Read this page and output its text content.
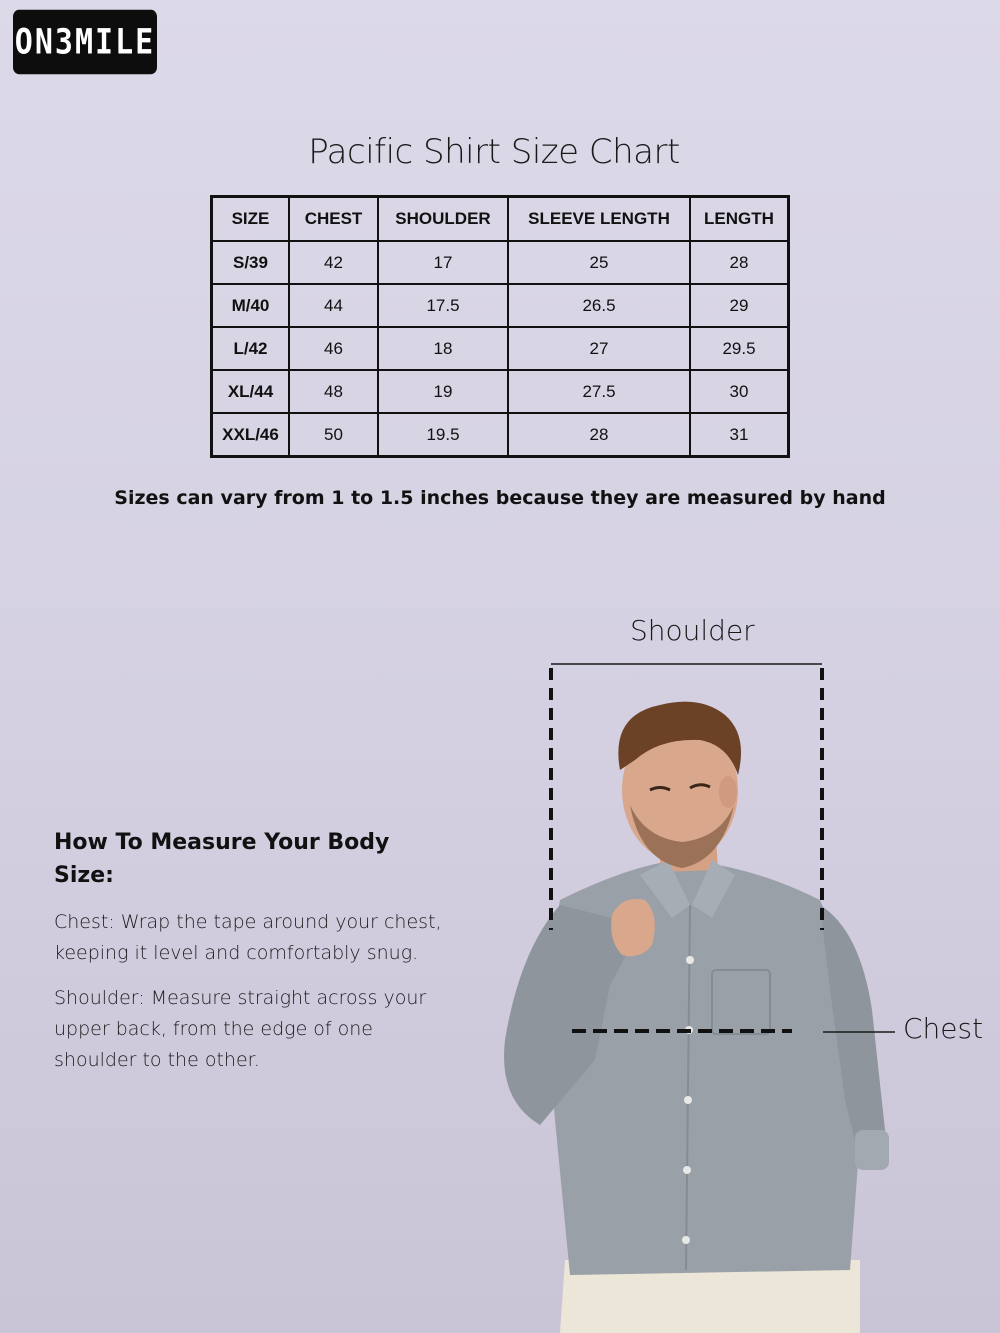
ON3MILE
Pacific Shirt Size Chart
SIZE	CHEST	SHOULDER	SLEEVE LENGTH	LENGTH
S/39	42	17	25	28
M/40	44	17.5	26.5	29
L/42	46	18	27	29.5
XL/44	48	19	27.5	30
XXL/46	50	19.5	28	31
Sizes can vary from 1 to 1.5 inches because they are measured by hand
How To Measure Your Body Size:

Chest: Wrap the tape around your chest, keeping it level and comfortably snug.

Shoulder: Measure straight across your upper back, from the edge of one shoulder to the other.

Shoulder
Chest
